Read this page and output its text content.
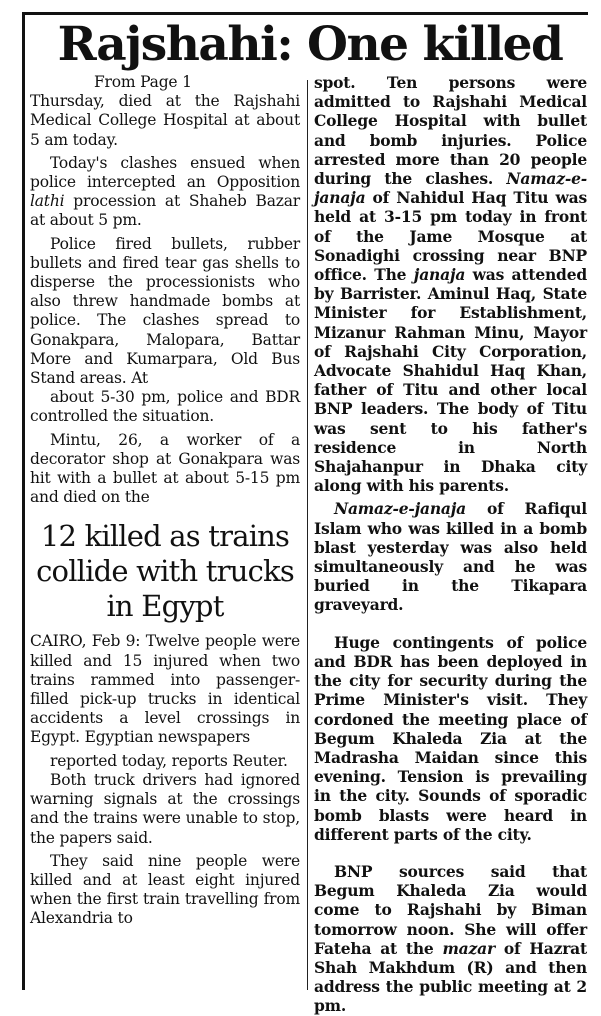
Rajshahi: One killed

From Page 1

Thursday, died at the Rajshahi Medical College Hospital at about 5 am today.

Today's clashes ensued when police intercepted an Opposition lathi procession at Shaheb Bazar at about 5 pm.

Police fired bullets, rubber bullets and fired tear gas shells to disperse the processionists who also threw handmade bombs at police. The clashes spread to Gonakpara, Malopara, Battar More and Kumarpara, Old Bus Stand areas. At

about 5-30 pm, police and BDR controlled the situation.

Mintu, 26, a worker of a decorator shop at Gonakpara was hit with a bullet at about 5-15 pm and died on the

12 killed as trains collide with trucks in Egypt

CAIRO, Feb 9: Twelve people were killed and 15 injured when two trains rammed into passenger-filled pick-up trucks in identical accidents a level crossings in Egypt. Egyptian newspapers

reported today, reports Reuter.

Both truck drivers had ignored warning signals at the crossings and the trains were unable to stop, the papers said.

They said nine people were killed and at least eight injured when the first train travelling from Alexandria to

spot. Ten persons were admitted to Rajshahi Medical College Hospital with bullet and bomb injuries. Police arrested more than 20 people during the clashes. Namaz-e-janaja of Nahidul Haq Titu was held at 3-15 pm today in front of the Jame Mosque at Sonadighi crossing near BNP office. The janaja was attended by Barrister. Aminul Haq, State Minister for Establishment, Mizanur Rahman Minu, Mayor of Rajshahi City Corporation, Advocate Shahidul Haq Khan, father of Titu and other local BNP leaders. The body of Titu was sent to his father's residence in North Shajahanpur in Dhaka city along with his parents.

Namaz-e-janaja of Rafiqul Islam who was killed in a bomb blast yesterday was also held simultaneously and he was buried in the Tikapara graveyard.

Huge contingents of police and BDR has been deployed in the city for security during the Prime Minister's visit. They cordoned the meeting place of Begum Khaleda Zia at the Madrasha Maidan since this evening. Tension is prevailing in the city. Sounds of sporadic bomb blasts were heard in different parts of the city.

BNP sources said that Begum Khaleda Zia would come to Rajshahi by Biman tomorrow noon. She will offer Fateha at the mazar of Hazrat Shah Makhdum (R) and then address the public meeting at 2 pm.
